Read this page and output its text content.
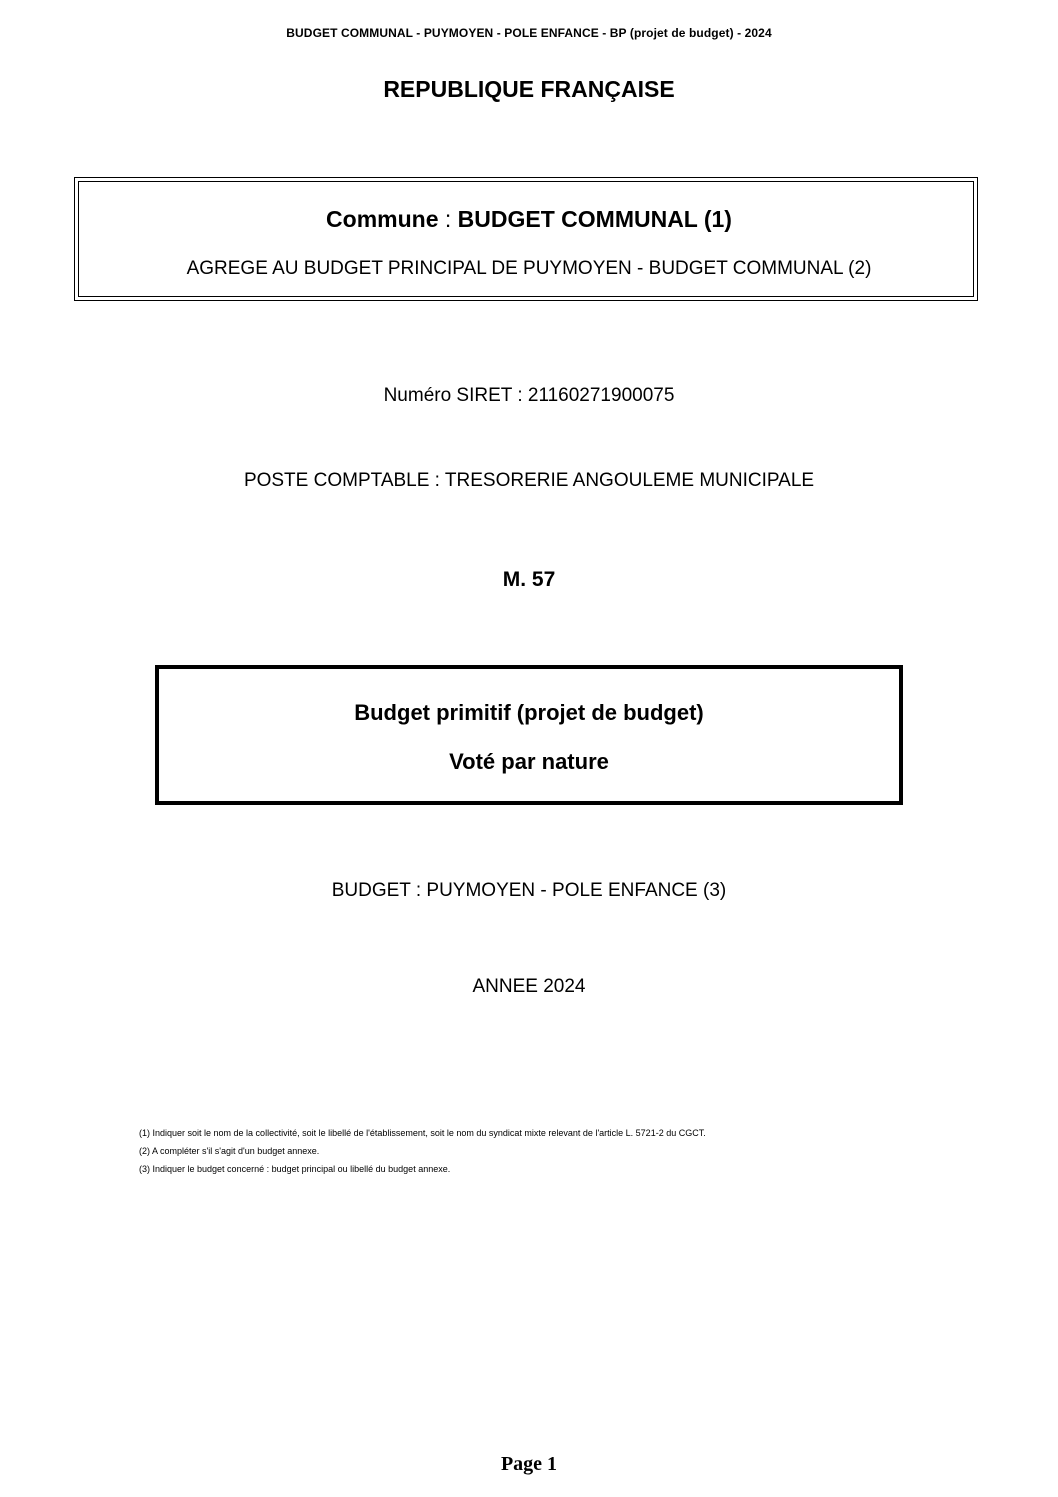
BUDGET COMMUNAL - PUYMOYEN - POLE ENFANCE - BP (projet de budget) - 2024
REPUBLIQUE FRANÇAISE
Commune : BUDGET COMMUNAL (1)
AGREGE AU BUDGET PRINCIPAL DE PUYMOYEN - BUDGET COMMUNAL (2)
Numéro SIRET : 21160271900075
POSTE COMPTABLE : TRESORERIE ANGOULEME MUNICIPALE
M. 57
Budget primitif (projet de budget)
Voté par nature
BUDGET : PUYMOYEN - POLE ENFANCE (3)
ANNEE 2024
(1) Indiquer soit le nom de la collectivité, soit le libellé de l'établissement, soit le nom du syndicat mixte relevant de l'article L. 5721-2 du CGCT.
(2) A compléter s'il s'agit d'un budget annexe.
(3) Indiquer le budget concerné : budget principal ou libellé du budget annexe.
Page 1
